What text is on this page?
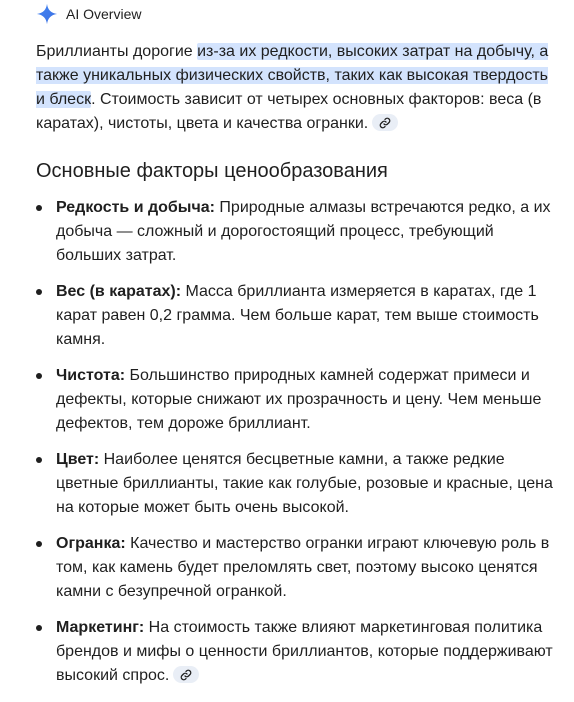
AI Overview
Бриллианты дорогие из-за их редкости, высоких затрат на добычу, а также уникальных физических свойств, таких как высокая твердость и блеск. Стоимость зависит от четырех основных факторов: веса (в каратах), чистоты, цвета и качества огранки.
Основные факторы ценообразования
Редкость и добыча: Природные алмазы встречаются редко, а их добыча — сложный и дорогостоящий процесс, требующий больших затрат.
Вес (в каратах): Масса бриллианта измеряется в каратах, где 1 карат равен 0,2 грамма. Чем больше карат, тем выше стоимость камня.
Чистота: Большинство природных камней содержат примеси и дефекты, которые снижают их прозрачность и цену. Чем меньше дефектов, тем дороже бриллиант.
Цвет: Наиболее ценятся бесцветные камни, а также редкие цветные бриллианты, такие как голубые, розовые и красные, цена на которые может быть очень высокой.
Огранка: Качество и мастерство огранки играют ключевую роль в том, как камень будет преломлять свет, поэтому высоко ценятся камни с безупречной огранкой.
Маркетинг: На стоимость также влияют маркетинговая политика брендов и мифы о ценности бриллиантов, которые поддерживают высокий спрос.
